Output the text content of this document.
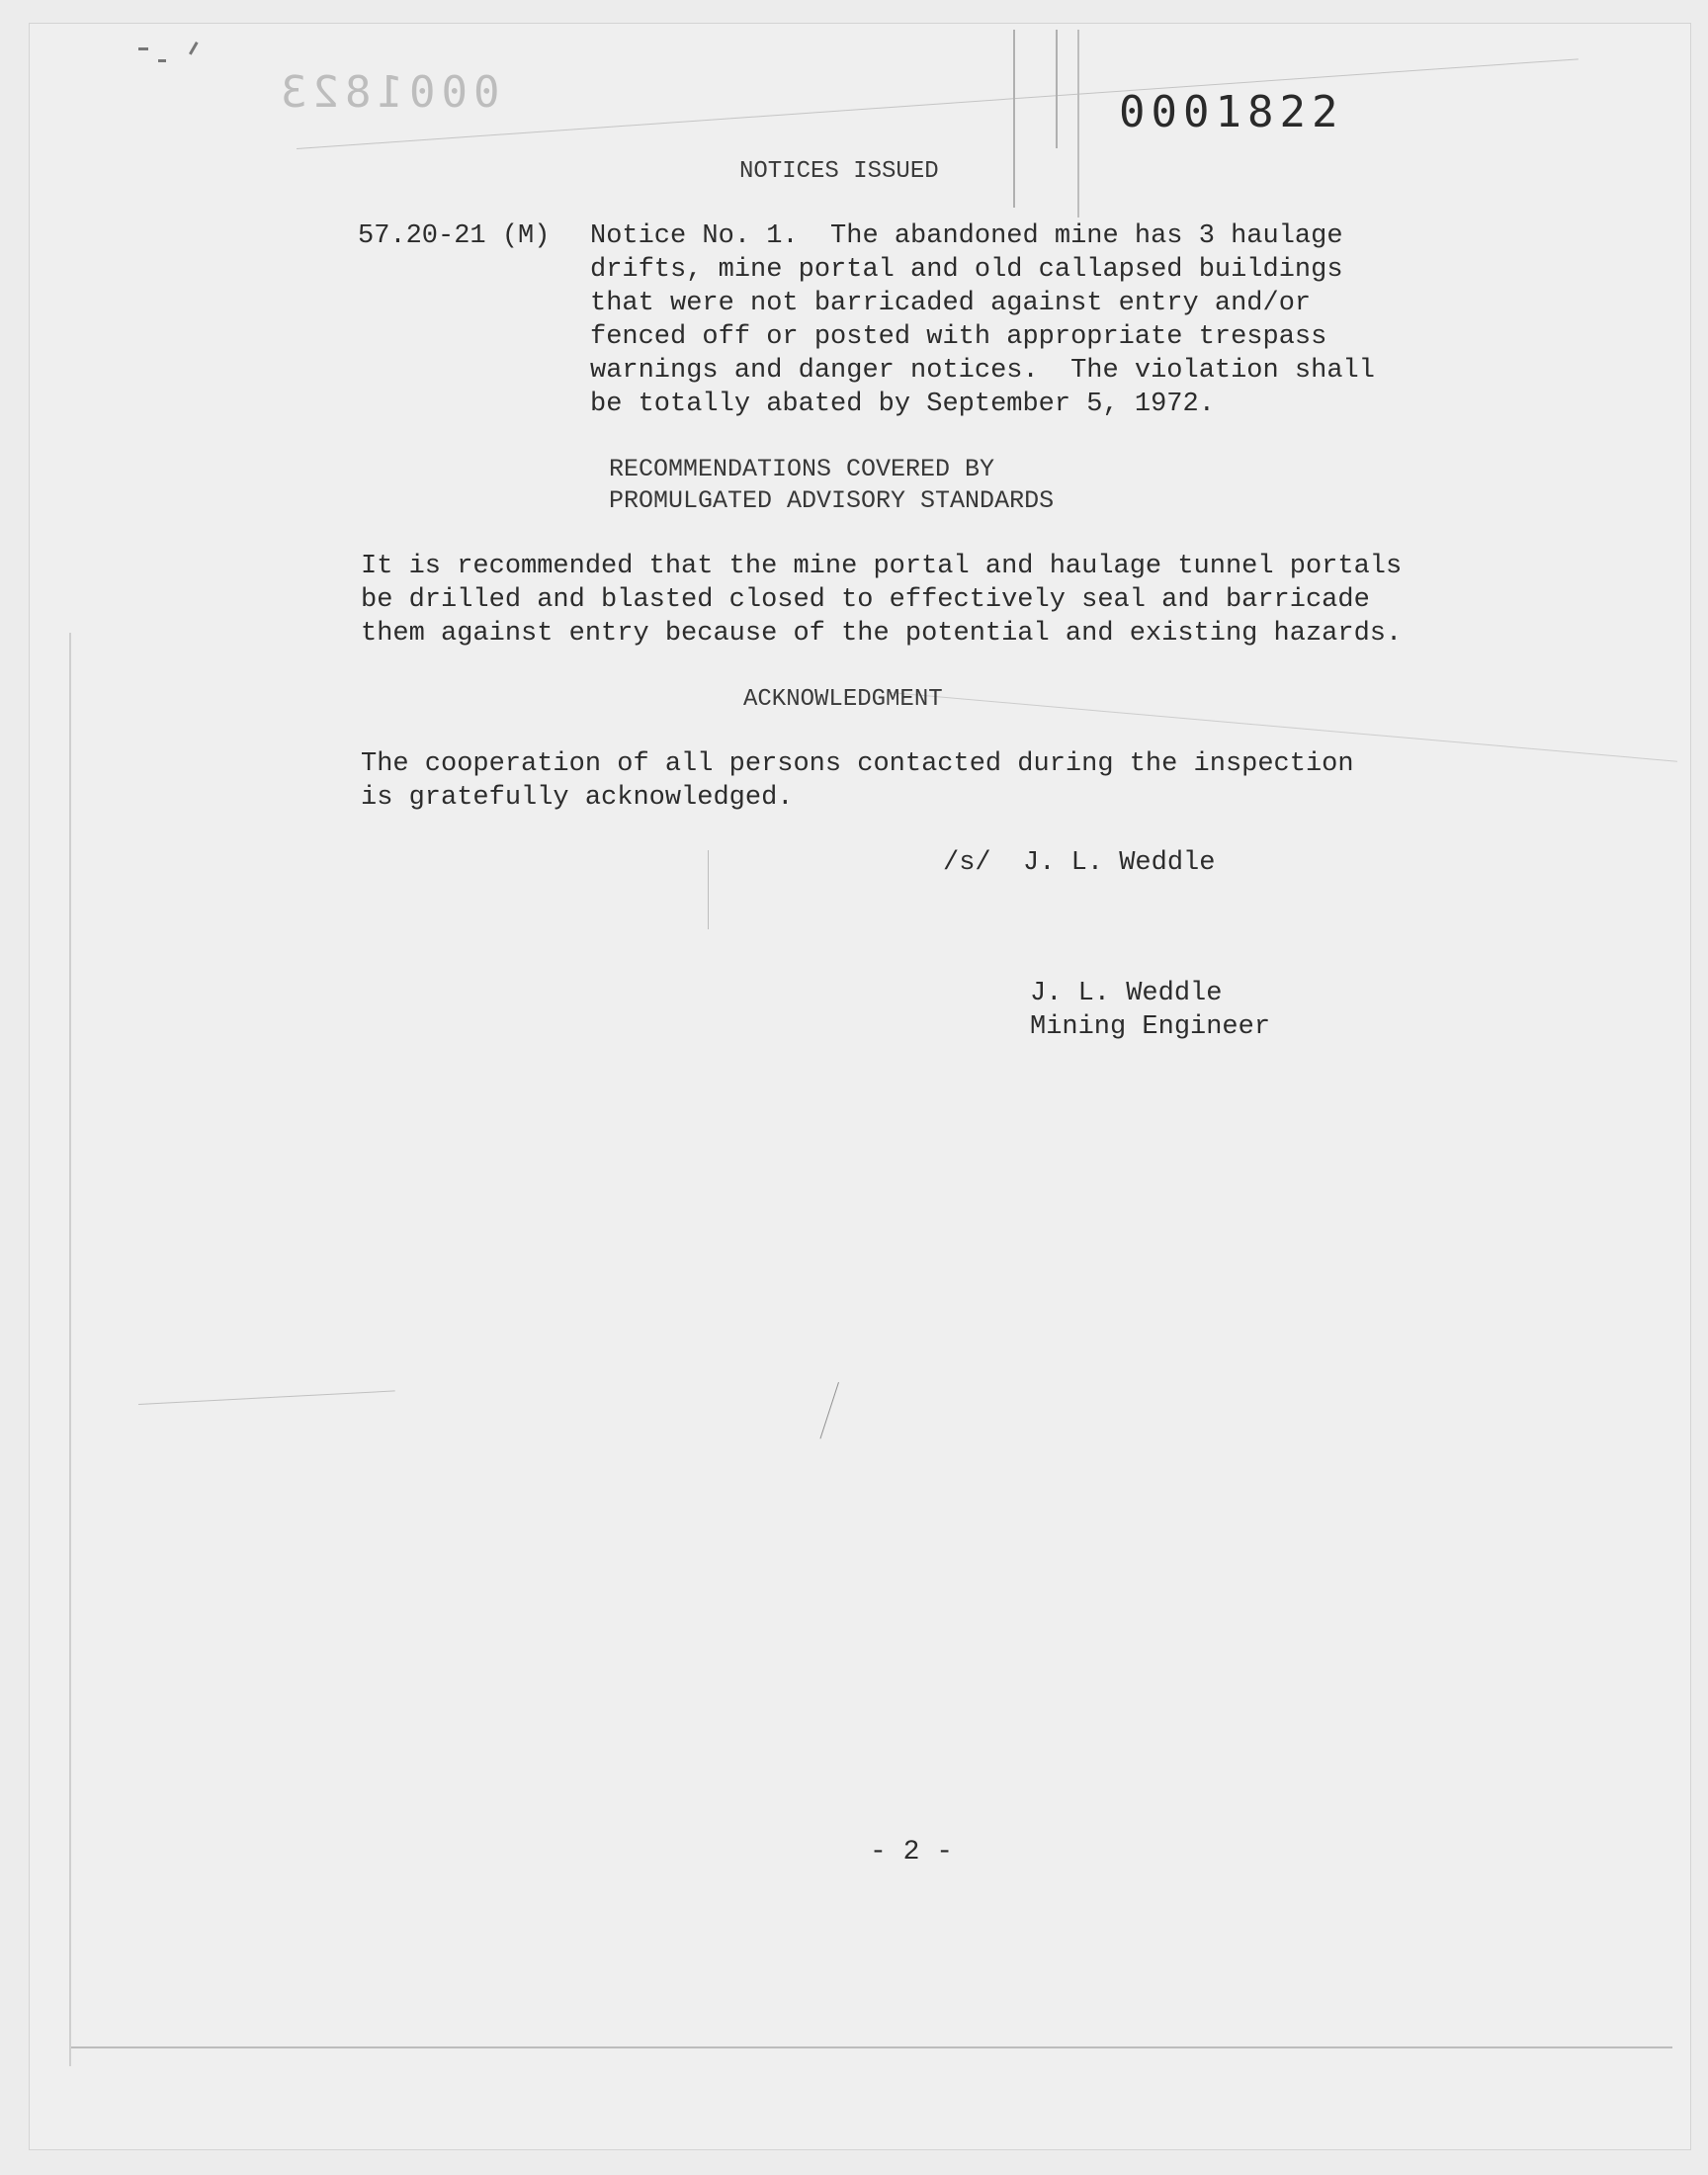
0001823	0001822
NOTICES ISSUED
57.20-21 (M) Notice No. 1.  The abandoned mine has 3 haulage
drifts, mine portal and old callapsed buildings
that were not barricaded against entry and/or
fenced off or posted with appropriate trespass
warnings and danger notices.  The violation shall
be totally abated by September 5, 1972.
RECOMMENDATIONS COVERED BY
PROMULGATED ADVISORY STANDARDS
It is recommended that the mine portal and haulage tunnel portals
be drilled and blasted closed to effectively seal and barricade
them against entry because of the potential and existing hazards.
ACKNOWLEDGMENT
The cooperation of all persons contacted during the inspection
is gratefully acknowledged.
/s/  J. L. Weddle
J. L. Weddle
Mining Engineer
- 2 -
